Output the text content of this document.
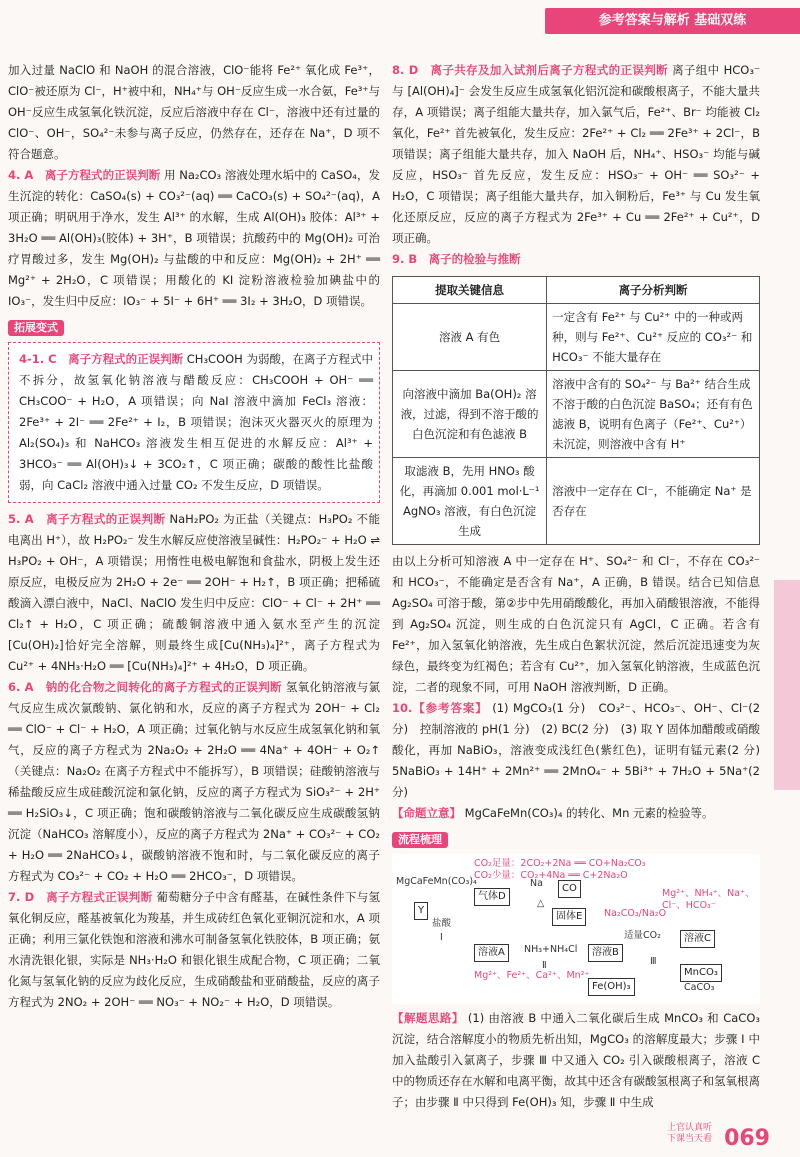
参考答案与解析 基础双练

加入过量 NaClO 和 NaOH 的混合溶液，ClO⁻能将 Fe²⁺ 氧化成 Fe³⁺，ClO⁻被还原为 Cl⁻，H⁺被中和，NH₄⁺与 OH⁻反应生成一水合氨，Fe³⁺与 OH⁻反应生成氢氧化铁沉淀，反应后溶液中存在 Cl⁻，溶液中还有过量的 ClO⁻、OH⁻，SO₄²⁻未参与离子反应，仍然存在，还存在 Na⁺，D 项不符合题意。

4. A　离子方程式的正误判断 用 Na₂CO₃ 溶液处理水垢中的 CaSO₄，发生沉淀的转化：CaSO₄(s) + CO₃²⁻(aq) ══ CaCO₃(s) + SO₄²⁻(aq)，A 项正确；明矾用于净水，发生 Al³⁺ 的水解，生成 Al(OH)₃ 胶体：Al³⁺ + 3H₂O ══ Al(OH)₃(胶体) + 3H⁺，B 项错误；抗酸药中的 Mg(OH)₂ 可治疗胃酸过多，发生 Mg(OH)₂ 与盐酸的中和反应：Mg(OH)₂ + 2H⁺ ══ Mg²⁺ + 2H₂O，C 项错误；用酸化的 KI 淀粉溶液检验加碘盐中的 IO₃⁻，发生归中反应：IO₃⁻ + 5I⁻ + 6H⁺ ══ 3I₂ + 3H₂O，D 项错误。

拓展变式

4-1. C　离子方程式的正误判断 CH₃COOH 为弱酸，在离子方程式中不拆分，故氢氧化钠溶液与醋酸反应：CH₃COOH + OH⁻ ══ CH₃COO⁻ + H₂O，A 项错误；向 NaI 溶液中滴加 FeCl₃ 溶液：2Fe³⁺ + 2I⁻ ══ 2Fe²⁺ + I₂，B 项错误；泡沫灭火器灭火的原理为 Al₂(SO₄)₃ 和 NaHCO₃ 溶液发生相互促进的水解反应：Al³⁺ + 3HCO₃⁻ ══ Al(OH)₃↓ + 3CO₂↑，C 项正确；碳酸的酸性比盐酸弱，向 CaCl₂ 溶液中通入过量 CO₂ 不发生反应，D 项错误。

5. A　离子方程式的正误判断 NaH₂PO₂ 为正盐（关键点：H₃PO₂ 不能电离出 H⁺），故 H₂PO₂⁻ 发生水解反应使溶液呈碱性：H₂PO₂⁻ + H₂O ⇌ H₃PO₂ + OH⁻，A 项错误；用惰性电极电解饱和食盐水，阴极上发生还原反应，电极反应为 2H₂O + 2e⁻ ══ 2OH⁻ + H₂↑，B 项正确；把稀硫酸滴入漂白液中，NaCl、NaClO 发生归中反应：ClO⁻ + Cl⁻ + 2H⁺ ══ Cl₂↑ + H₂O，C 项正确；硫酸铜溶液中通入氨水至产生的沉淀[Cu(OH)₂]恰好完全溶解，则最终生成[Cu(NH₃)₄]²⁺，离子方程式为 Cu²⁺ + 4NH₃·H₂O ══ [Cu(NH₃)₄]²⁺ + 4H₂O，D 项正确。

6. A　钠的化合物之间转化的离子方程式的正误判断 氢氧化钠溶液与氯气反应生成次氯酸钠、氯化钠和水，反应的离子方程式为 2OH⁻ + Cl₂ ══ ClO⁻ + Cl⁻ + H₂O，A 项正确；过氧化钠与水反应生成氢氧化钠和氧气，反应的离子方程式为 2Na₂O₂ + 2H₂O ══ 4Na⁺ + 4OH⁻ + O₂↑（关键点：Na₂O₂ 在离子方程式中不能拆写），B 项错误；硅酸钠溶液与稀盐酸反应生成硅酸沉淀和氯化钠，反应的离子方程式为 SiO₃²⁻ + 2H⁺ ══ H₂SiO₃↓，C 项正确；饱和碳酸钠溶液与二氧化碳反应生成碳酸氢钠沉淀（NaHCO₃ 溶解度小），反应的离子方程式为 2Na⁺ + CO₃²⁻ + CO₂ + H₂O ══ 2NaHCO₃↓，碳酸钠溶液不饱和时，与二氧化碳反应的离子方程式为 CO₃²⁻ + CO₂ + H₂O ══ 2HCO₃⁻，D 项错误。

7. D　离子方程式正误判断 葡萄糖分子中含有醛基，在碱性条件下与氢氧化铜反应，醛基被氧化为羧基，并生成砖红色氧化亚铜沉淀和水，A 项正确；利用三氯化铁饱和溶液和沸水可制备氢氧化铁胶体，B 项正确；氨水清洗银化银，实际是 NH₃·H₂O 和银化银生成配合物，C 项正确；二氧化氮与氢氧化钠的反应为歧化反应，生成硝酸盐和亚硝酸盐，反应的离子方程式为 2NO₂ + 2OH⁻ ══ NO₃⁻ + NO₂⁻ + H₂O，D 项错误。

8. D　离子共存及加入试剂后离子方程式的正误判断 离子组中 HCO₃⁻ 与 [Al(OH)₄]⁻ 会发生反应生成氢氧化铝沉淀和碳酸根离子，不能大量共存，A 项错误；离子组能大量共存，加入氯气后，Fe²⁺、Br⁻ 均能被 Cl₂ 氧化，Fe²⁺ 首先被氧化，发生反应：2Fe²⁺ + Cl₂ ══ 2Fe³⁺ + 2Cl⁻，B 项错误；离子组能大量共存，加入 NaOH 后，NH₄⁺、HSO₃⁻ 均能与碱反应，HSO₃⁻ 首先反应，发生反应：HSO₃⁻ + OH⁻ ══ SO₃²⁻ + H₂O，C 项错误；离子组能大量共存，加入铜粉后，Fe³⁺ 与 Cu 发生氧化还原反应，反应的离子方程式为 2Fe³⁺ + Cu ══ 2Fe²⁺ + Cu²⁺，D 项正确。

9. B　离子的检验与推断

提取关键信息	离子分析判断
溶液 A 有色	一定含有 Fe²⁺ 与 Cu²⁺ 中的一种或两种，则与 Fe²⁺、Cu²⁺ 反应的 CO₃²⁻ 和 HCO₃⁻ 不能大量存在
向溶液中滴加 Ba(OH)₂ 溶液，过滤，得到不溶于酸的白色沉淀和有色滤液 B	溶液中含有的 SO₄²⁻ 与 Ba²⁺ 结合生成不溶于酸的白色沉淀 BaSO₄；还有有色滤液 B，说明有色离子（Fe²⁺、Cu²⁺）未沉淀，则溶液中含有 H⁺
取滤液 B，先用 HNO₃ 酸化，再滴加 0.001 mol·L⁻¹ AgNO₃ 溶液，有白色沉淀生成	溶液中一定存在 Cl⁻，不能确定 Na⁺ 是否存在

由以上分析可知溶液 A 中一定存在 H⁺、SO₄²⁻ 和 Cl⁻，不存在 CO₃²⁻ 和 HCO₃⁻，不能确定是否含有 Na⁺，A 正确，B 错误。结合已知信息 Ag₂SO₄ 可溶于酸，第②步中先用硝酸酸化，再加入硝酸银溶液，不能得到 Ag₂SO₄ 沉淀，则生成的白色沉淀只有 AgCl，C 正确。若含有 Fe²⁺，加入氢氧化钠溶液，先生成白色絮状沉淀，然后沉淀迅速变为灰绿色，最终变为红褐色；若含有 Cu²⁺，加入氢氧化钠溶液，生成蓝色沉淀，二者的现象不同，可用 NaOH 溶液判断，D 正确。

10.【参考答案】 (1) MgCO₃(1 分)　CO₃²⁻、HCO₃⁻、OH⁻、Cl⁻(2 分)　控制溶液的 pH(1 分)　(2) BC(2 分)　(3) 取 Y 固体加醋酸或硝酸酸化，再加 NaBiO₃，溶液变成浅红色(紫红色)，证明有锰元素(2 分)　5NaBiO₃ + 14H⁺ + 2Mn²⁺ ══ 2MnO₄⁻ + 5Bi³⁺ + 7H₂O + 5Na⁺(2 分)

【命题立意】 MgCaFeMn(CO₃)₄ 的转化、Mn 元素的检验等。

流程梳理
MgCaFeMn(CO₃)₄
Y
盐酸
Ⅰ
气体D
Na
△
CO
固体E	Na₂CO₃/Na₂O
CO₂足量：2CO₂+2Na ══ CO+Na₂CO₃
CO₂少量：CO₂+4Na ══ C+2Na₂O
溶液A	NH₃+NH₄Cl
Ⅱ
溶液B
适量CO₂
Ⅲ
Fe(OH)₃
溶液C
Mg²⁺、NH₄⁺、Na⁺、Cl⁻、HCO₃⁻
Mg²⁺、Fe²⁺、Ca²⁺、Mn²⁺	MnCO₃
CaCO₃

【解题思路】 (1) 由溶液 B 中通入二氧化碳后生成 MnCO₃ 和 CaCO₃ 沉淀，结合溶解度小的物质先析出知，MgCO₃ 的溶解度最大；步骤 Ⅰ 中加入盐酸引入氯离子，步骤 Ⅲ 中又通入 CO₂ 引入碳酸根离子，溶液 C 中的物质还存在水解和电离平衡，故其中还含有碳酸氢根离子和氢氧根离子；由步骤 Ⅱ 中只得到 Fe(OH)₃ 知，步骤 Ⅱ 中生成

上官认真听
下课当天看 069
